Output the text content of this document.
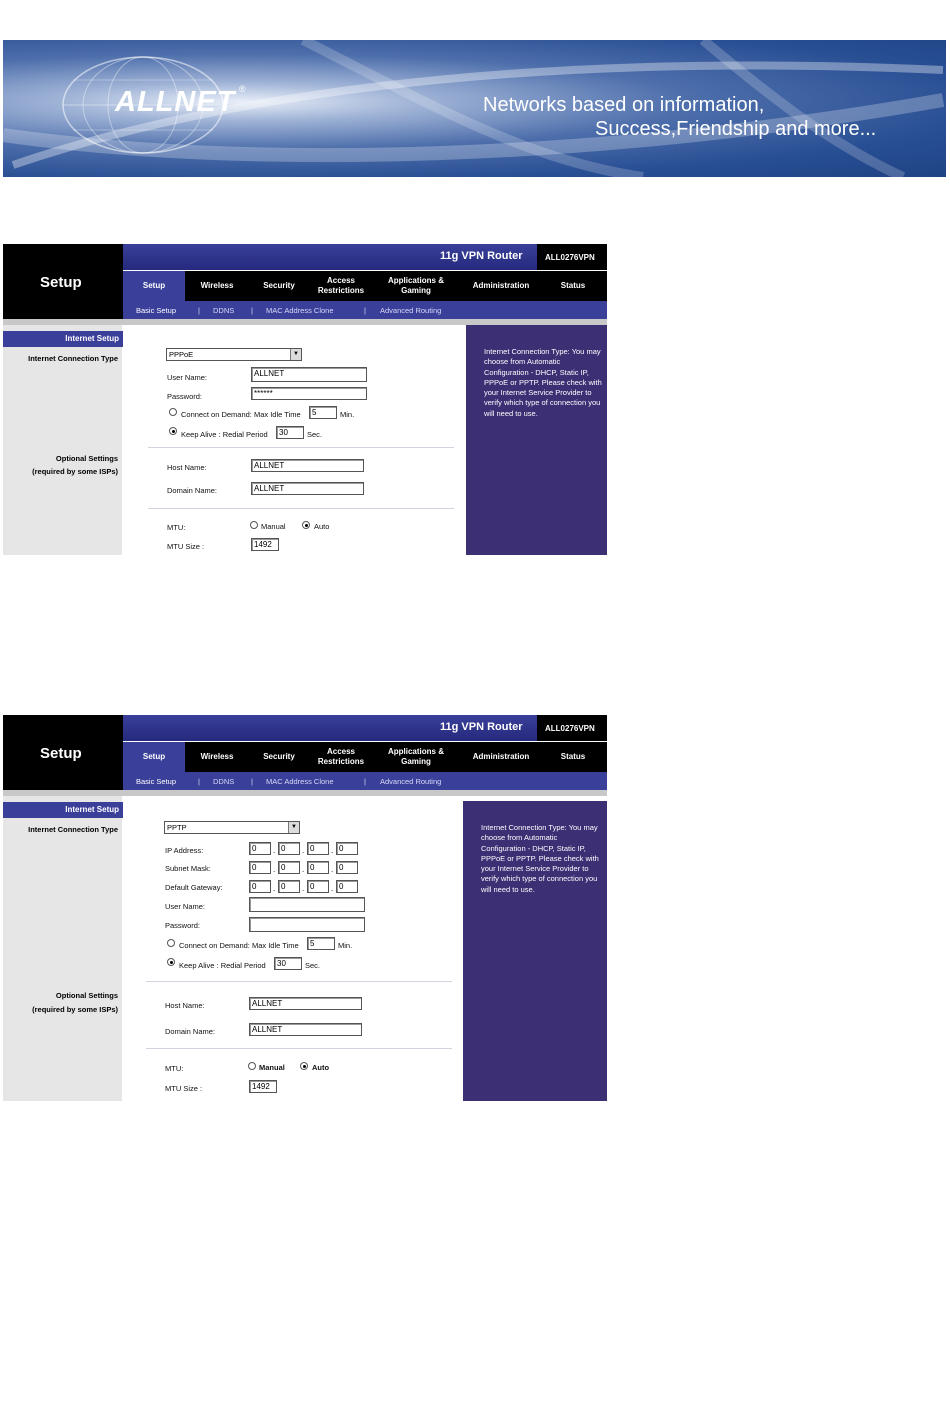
ALLNET ®
Networks based on information,
Success,Friendship and more...
Setup
11g VPN Router	ALL0276VPN
Setup	Wireless	Security
Access Restrictions
Applications & Gaming
Administration	Status
Basic Setup	| DDNS | MAC Address Clone	| Advanced Routing
Internet Setup
Internet Connection Type
Optional Settings
(required by some ISPs)
PPPoE	▼
User Name:	ALLNET
Password:	******
Connect on Demand: Max Idle Time	5	Min.
Keep Alive : Redial Period	30	Sec.
Host Name:	ALLNET
Domain Name:	ALLNET
MTU:	Manual	Auto
MTU Size :	1492

Internet Connection Type: You may choose from Automatic Configuration - DHCP, Static IP, PPPoE or PPTP. Please check with your Internet Service Provider to verify which type of connection you will need to use.

Setup
11g VPN Router	ALL0276VPN
Setup	Wireless	Security
Access Restrictions
Applications & Gaming
Administration	Status
Basic Setup	| DDNS | MAC Address Clone	| Advanced Routing
Internet Setup
Internet Connection Type
Optional Settings
(required by some ISPs)
PPTP	▼
IP Address:	0	. 0	. 0	. 0
Subnet Mask:	0	. 0	. 0	. 0
Default Gateway:	0	. 0	. 0	. 0
User Name:
Password:
Connect on Demand: Max Idle Time	5	Min.
Keep Alive : Redial Period	30	Sec.
Host Name:	ALLNET
Domain Name:	ALLNET
MTU:	Manual	Auto
MTU Size :	1492

Internet Connection Type: You may choose from Automatic Configuration - DHCP, Static IP, PPPoE or PPTP. Please check with your Internet Service Provider to verify which type of connection you will need to use.
